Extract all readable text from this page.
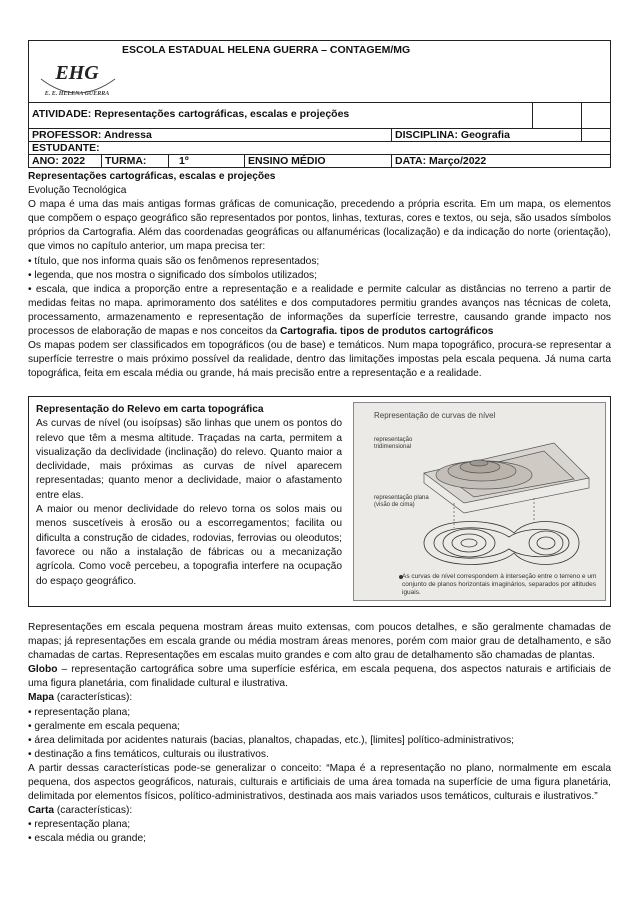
EHG
E. E. HELENA GUERRA
ESCOLA ESTADUAL HELENA GUERRA – CONTAGEM/MG						

ATIVIDADE: Representações cartográficas, escalas e projeções						
PROFESSOR: Andressa				DISCIPLINA: Geografia		
ESTUDANTE:						
ANO: 2022	TURMA:	1º	ENSINO MÉDIO	DATA: Março/2022		

Representações cartográficas, escalas e projeções

Evolução Tecnológica

O mapa é uma das mais antigas formas gráficas de comunicação, precedendo a própria escrita. Em um mapa, os elementos que compõem o espaço geográfico são representados por pontos, linhas, texturas, cores e textos, ou seja, são usados símbolos próprios da Cartografia. Além das coordenadas geográficas ou alfanuméricas (localização) e da indicação do norte (orientação), que vimos no capítulo anterior, um mapa precisa ter:

• título, que nos informa quais são os fenômenos representados;

• legenda, que nos mostra o significado dos símbolos utilizados;

• escala, que indica a proporção entre a representação e a realidade e permite calcular as distâncias no terreno a partir de medidas feitas no mapa. aprimoramento dos satélites e dos computadores permitiu grandes avanços nas técnicas de coleta, processamento, armazenamento e representação de informações da superfície terrestre, causando grande impacto nos processos de elaboração de mapas e nos conceitos da Cartografia. tipos de produtos cartográficos

Os mapas podem ser classificados em topográficos (ou de base) e temáticos. Num mapa topográfico, procura-se representar a superfície terrestre o mais próximo possível da realidade, dentro das limitações impostas pela escala pequena. Já numa carta topográfica, feita em escala média ou grande, há mais precisão entre a representação e a realidade.

Representação do Relevo em carta topográfica

As curvas de nível (ou isoípsas) são linhas que unem os pontos do relevo que têm a mesma altitude. Traçadas na carta, permitem a visualização da declividade (inclinação) do relevo. Quanto maior a declividade, mais próximas as curvas de nível aparecem representadas; quanto menor a declividade, maior o afastamento entre elas.

A maior ou menor declividade do relevo torna os solos mais ou menos suscetíveis à erosão ou a escorregamentos; facilita ou dificulta a construção de cidades, rodovias, ferrovias ou oleodutos; favorece ou não a instalação de fábricas ou a mecanização agrícola. Como você percebeu, a topografia interfere na ocupação do espaço geográfico.

Representação de curvas de nível
representação tridimensional
representação plana (visão de cima)
As curvas de nível correspondem à interseção entre o terreno e um conjunto de planos horizontais imaginários, separados por altitudes iguais.

Representações em escala pequena mostram áreas muito extensas, com poucos detalhes, e são geralmente chamadas de mapas; já representações em escala grande ou média mostram áreas menores, porém com maior grau de detalhamento, e são chamadas de cartas. Representações em escalas muito grandes e com alto grau de detalhamento são chamadas de plantas.

Globo – representação cartográfica sobre uma superfície esférica, em escala pequena, dos aspectos naturais e artificiais de uma figura planetária, com finalidade cultural e ilustrativa.

Mapa (características):

• representação plana;

• geralmente em escala pequena;

• área delimitada por acidentes naturais (bacias, planaltos, chapadas, etc.), [limites] político-administrativos;

• destinação a fins temáticos, culturais ou ilustrativos.

A partir dessas características pode-se generalizar o conceito: “Mapa é a representação no plano, normalmente em escala pequena, dos aspectos geográficos, naturais, culturais e artificiais de uma área tomada na superfície de uma figura planetária, delimitada por elementos físicos, político-administrativos, destinada aos mais variados usos temáticos, culturais e ilustrativos.”

Carta (características):

• representação plana;

• escala média ou grande;
